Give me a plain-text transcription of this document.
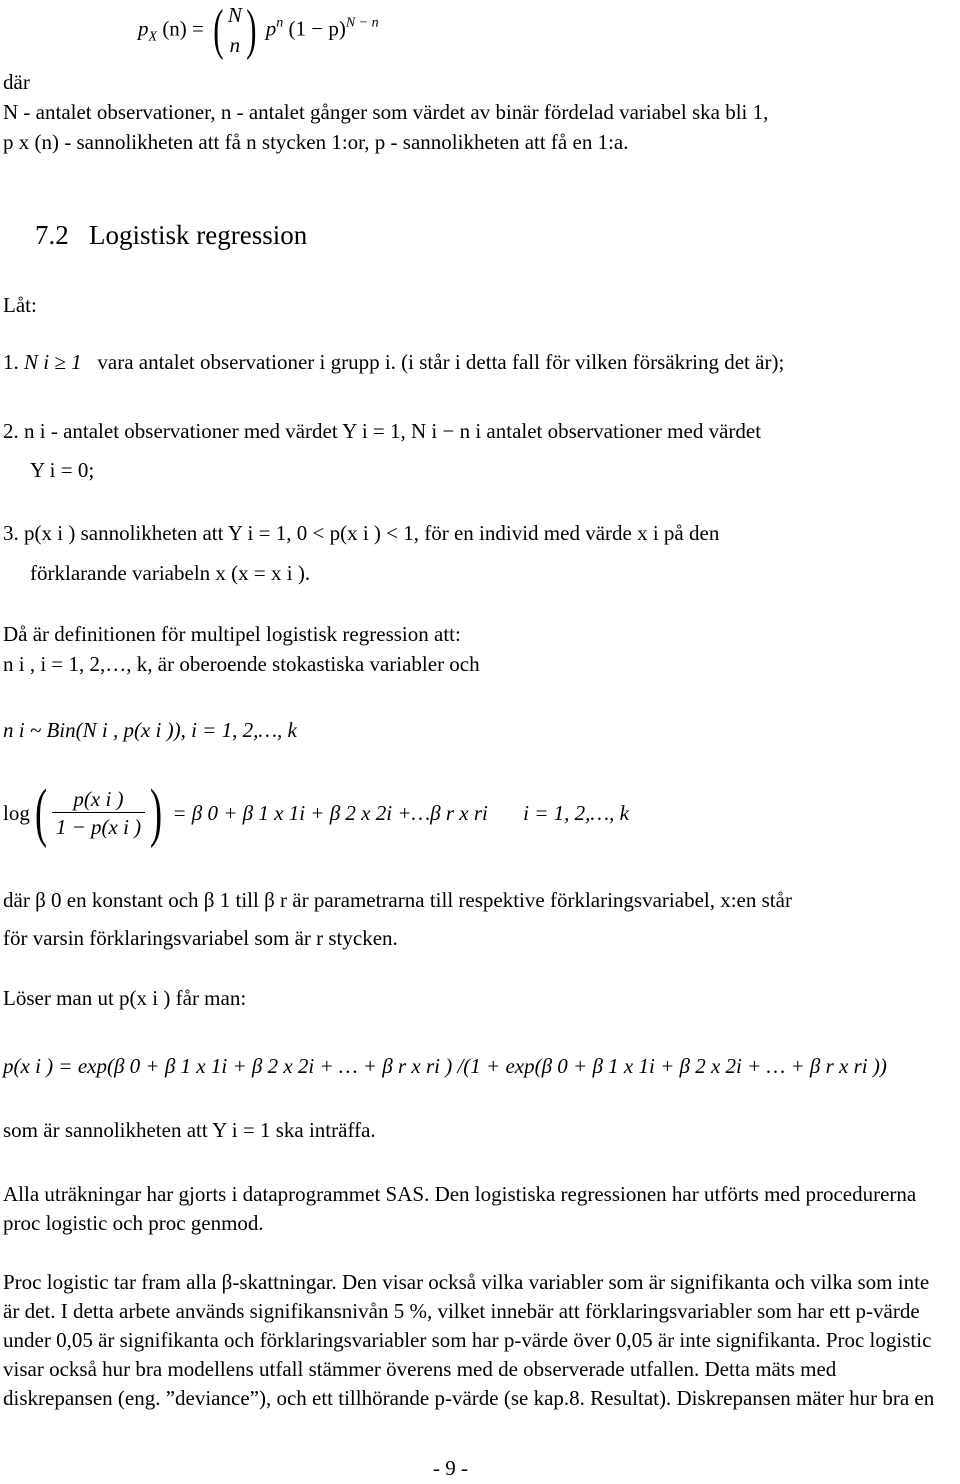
$p_X$ (n) = ( N
n ) $p^n$ $(1 - p)^{N - n}$
där
N - antalet observationer, n - antalet gånger som värdet av binär fördelad variabel ska bli 1,
p x (n) - sannolikheten att få n stycken 1:or, p - sannolikheten att få en 1:a.
7.2 Logistisk regression
Låt:
1. N i ≥ 1 vara antalet observationer i grupp i. (i står i detta fall för vilken försäkring det är);
2. n i - antalet observationer med värdet Y i = 1, N i − n i antalet observationer med värdet
Y i = 0;
3. p(x i ) sannolikheten att Y i = 1, 0 < p(x i ) < 1, för en individ med värde x i på den
förklarande variabeln x (x = x i ).
Då är definitionen för multipel logistisk regression att:
n i , i = 1, 2,…, k, är oberoende stokastiska variabler och
n i ~ Bin(N i , p(x i )), i = 1, 2,…, k
$\log( \frac{\text{p(x i )}}{\text{1 − p(x i )}}$ ) = β 0 + β 1 x 1i + β 2 x 2i +…β r x ri i = 1, 2,…, k
där β 0 en konstant och β 1 till β r är parametrarna till respektive förklaringsvariabel, x:en står
för varsin förklaringsvariabel som är r stycken.
Löser man ut p(x i ) får man:
p(x i ) = exp(β 0 + β 1 x 1i + β 2 x 2i + … + β r x ri ) /(1 + exp(β 0 + β 1 x 1i + β 2 x 2i + … + β r x ri ))
som är sannolikheten att Y i = 1 ska inträffa.
Alla uträkningar har gjorts i dataprogrammet SAS. Den logistiska regressionen har utförts med procedurerna proc logistic och proc genmod.
Proc logistic tar fram alla β-skattningar. Den visar också vilka variabler som är signifikanta och vilka som inte är det. I detta arbete används signifikansnivån 5 %, vilket innebär att förklaringsvariabler som har ett p-värde under 0,05 är signifikanta och förklaringsvariabler som har p-värde över 0,05 är inte signifikanta. Proc logistic visar också hur bra modellens utfall stämmer överens med de observerade utfallen. Detta mäts med diskrepansen (eng. ”deviance”), och ett tillhörande p-värde (se kap.8. Resultat). Diskrepansen mäter hur bra en
- 9 -
